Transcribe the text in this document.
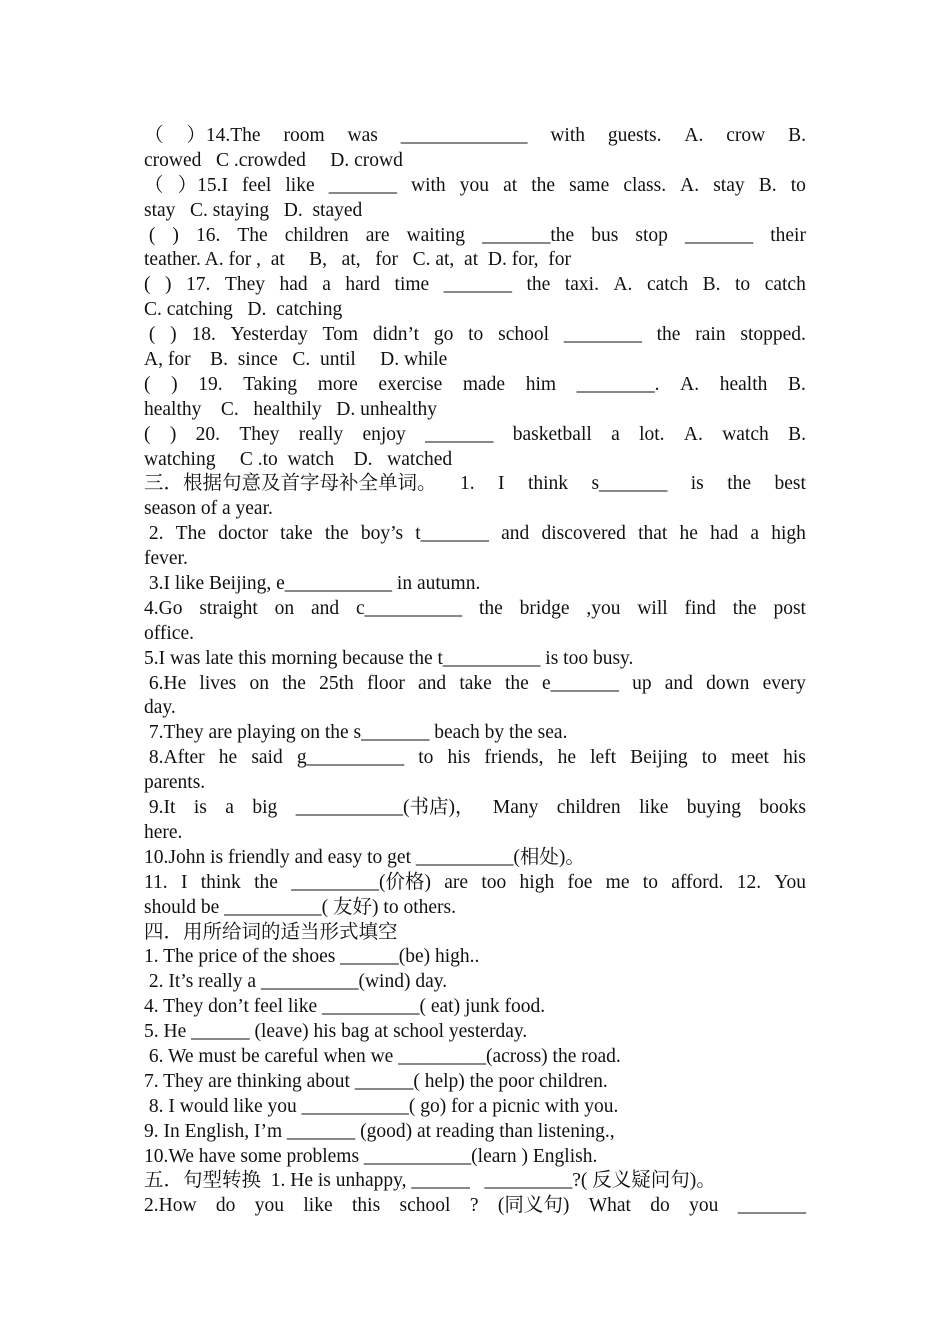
（ ）14.The room was _____________ with guests. A. crow B.
crowed   C .crowded     D. crowd
（ ）15.I feel like _______ with you at the same class. A. stay B. to
stay   C. staying   D.  stayed
( ) 16. The children are waiting _______the bus stop _______ their
teather. A. for ,  at     B,   at,   for   C. at,  at  D. for,  for
( ) 17. They had a hard time _______ the taxi. A. catch B. to catch
C. catching   D.  catching
( ) 18. Yesterday Tom didn’t go to school ________ the rain stopped.
A, for    B.  since   C.  until     D. while
( ) 19. Taking more exercise made him ________. A. health B.
healthy    C.   healthily   D. unhealthy
( ) 20. They really enjoy _______ basketball a lot. A. watch B.
watching     C .to  watch    D.   watched
三．根据句意及首字母补全单词。 1. I think s_______ is the best
season of a year.
2. The doctor take the boy’s t_______ and discovered that he had a high
fever.
3.I like Beijing, e___________ in autumn.
4.Go straight on and c__________ the bridge ,you will find the post
office.
5.I was late this morning because the t__________ is too busy.
6.He lives on the 25th floor and take the e_______ up and down every
day.
7.They are playing on the s_______ beach by the sea.
8.After he said g__________ to his friends, he left Beijing to meet his
parents.
9.It is a big ___________(书店)， Many children like buying books
here.
10.John is friendly and easy to get __________(相处)。
11. I think the _________(价格) are too high foe me to afford. 12. You
should be __________( 友好) to others.
四．用所给词的适当形式填空
1. The price of the shoes ______(be) high..
2. It’s really a __________(wind) day.
4. They don’t feel like __________( eat) junk food.
5. He ______ (leave) his bag at school yesterday.
6. We must be careful when we _________(across) the road.
7. They are thinking about ______( help) the poor children.
8. I would like you ___________( go) for a picnic with you.
9. In English, I’m _______ (good) at reading than listening.,
10.We have some problems ___________(learn ) English.
五．句型转换  1. He is unhappy, ______   _________?( 反义疑问句)。
2.How do you like this school ? (同义句) What do you _______
